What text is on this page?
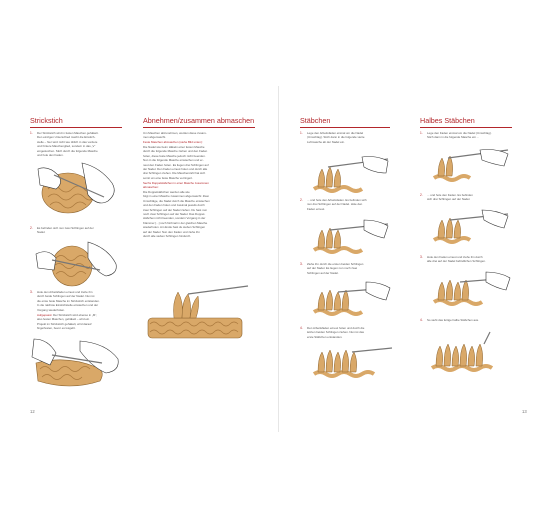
Strickstich
1. Der Strickstich wird in festen Maschen gehäkelt.
Den einzigen Unterschied macht die Einstich-
stelle – hier wird nicht wie üblich in das vordere
und hintere Maschenglied, sondern in das „V“
eingestochen. Stich durch die folgende Masche
und hole den Faden.
2. Es befinden sich nun zwei Schlingen auf der
Nadel.
3. Hole den Arbeitsfaden erneut und ziehe ihn
durch beide Schlingen auf der Nadel. Nun ist
die erste feste Masche im Strickstich entstanden.
In die nächste Einstichstelle einstechen und der
Vorgang wiederholen.
Aufgepasst: Der Strickstich wird ebenso in „M“,
also festen Maschen, gehäkelt – wird ein
Projekt im Strickstich gehäkelt, wird darauf
fingerfesten, bevor es losgeht.
12
Abnehmen/zusammen abmaschen
Um Maschen abzunehmen, werden diese zusam-
men abgemascht.
Feste Maschen abmaschen (siehe Bild unten):
Die Nadel wie beim Häkeln einer festen Masche
durch die folgende Masche ziehen und den Faden
holen, diese feste Masche jedoch nicht beenden.
Nun in die folgende Masche einstechen und er-
neut den Faden holen. Es liegen drei Schlingen auf
der Nadel. Den Faden erneut holen und durch alle
drei Schlingen ziehen. Die Maschenzahl hat sich
somit um eine feste Masche verringert.
Sechs Doppelstäbchen in einer Masche zusammen
abmaschen:
Die Doppelstäbchen werden alle wie
folgt in einer Masche zusammen abgemascht: Zwei
Umschläge, die Nadel durch die Masche einstechen
und den Faden holen und zweimal jeweils durch
zwei Schlingen auf der Nadel ziehen. Du hast nun
noch zwei Schlingen auf der Nadel. Das Doppel-
stäbchen nicht beenden, sondern Vorgang in der
Klammer [...] noch fünfmal in der gleichen Masche
wiederholen. Am Ende hast du sieben Schlingen
auf der Nadel. Nun den Faden und ziehe ihn
durch alle sieben Schlingen hindurch.
Stäbchen
1. Lege den Arbeitsfaden einmal um die Nadel
(Umschlag). Stich dann in die folgende vierte
Luftmasche ab der Nadel ein.
2. ... und hole den Arbeitsfaden. Es befinden sich
nun drei Schlingen auf der Nadel. Hole den
Faden erneut.
3. Ziehe ihn durch die ersten beiden Schlingen
auf der Nadel. Es liegen nun noch zwei
Schlingen auf der Nadel.
4. Den Arbeitsfaden erneut holen und durch die
letzten beiden Schlingen ziehen. Nun ist das
erste Stäbchen entstanden.
Halbes Stäbchen
1. Lege den Faden einmal um die Nadel (Umschlag).
Stich dann in die folgende Masche ein ...
2. ... und hole den Faden. Es befinden
sich drei Schlingen auf der Nadel.
3. Hole den Faden erneut und ziehe ihn durch
alle drei auf der Nadel befindlichen Schlingen.
4. So sieht das fertige halbe Stäbchen aus.
13
